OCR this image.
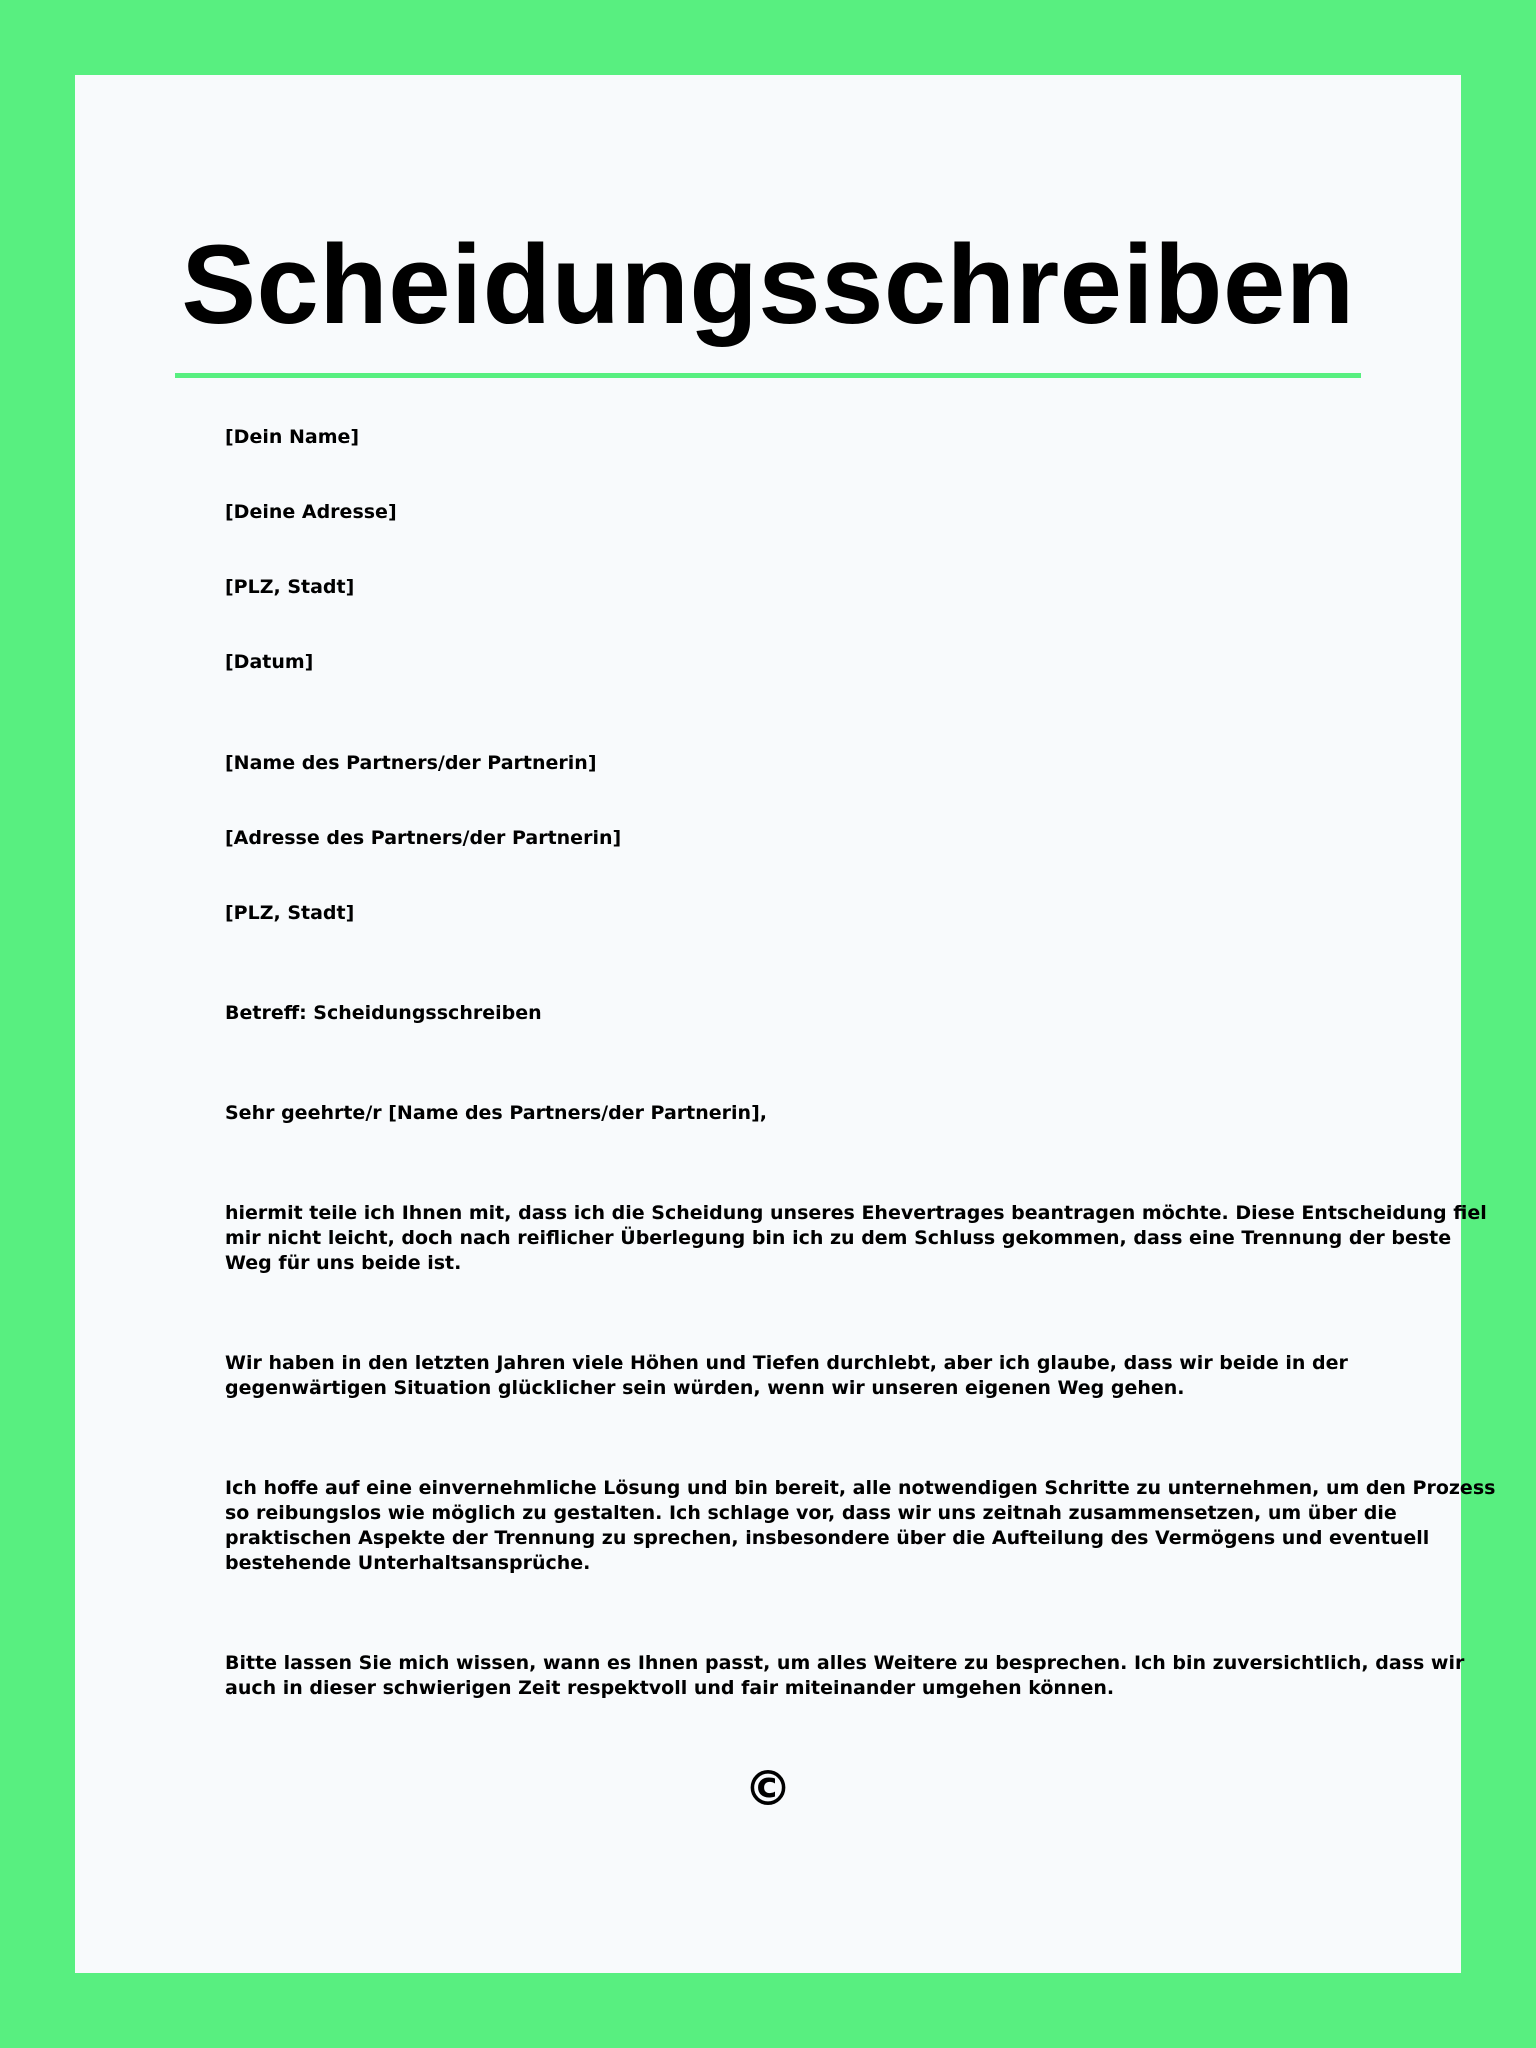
Scheidungsschreiben

[Dein Name]

[Deine Adresse]

[PLZ, Stadt]

[Datum]

[Name des Partners/der Partnerin]

[Adresse des Partners/der Partnerin]

[PLZ, Stadt]

Betreff: Scheidungsschreiben

Sehr geehrte/r [Name des Partners/der Partnerin],

hiermit teile ich Ihnen mit, dass ich die Scheidung unseres Ehevertrages beantragen möchte. Diese Entscheidung fiel
mir nicht leicht, doch nach reiflicher Überlegung bin ich zu dem Schluss gekommen, dass eine Trennung der beste
Weg für uns beide ist.
Wir haben in den letzten Jahren viele Höhen und Tiefen durchlebt, aber ich glaube, dass wir beide in der
gegenwärtigen Situation glücklicher sein würden, wenn wir unseren eigenen Weg gehen.
Ich hoffe auf eine einvernehmliche Lösung und bin bereit, alle notwendigen Schritte zu unternehmen, um den Prozess
so reibungslos wie möglich zu gestalten. Ich schlage vor, dass wir uns zeitnah zusammensetzen, um über die
praktischen Aspekte der Trennung zu sprechen, insbesondere über die Aufteilung des Vermögens und eventuell
bestehende Unterhaltsansprüche.
Bitte lassen Sie mich wissen, wann es Ihnen passt, um alles Weitere zu besprechen. Ich bin zuversichtlich, dass wir
auch in dieser schwierigen Zeit respektvoll und fair miteinander umgehen können.
©
